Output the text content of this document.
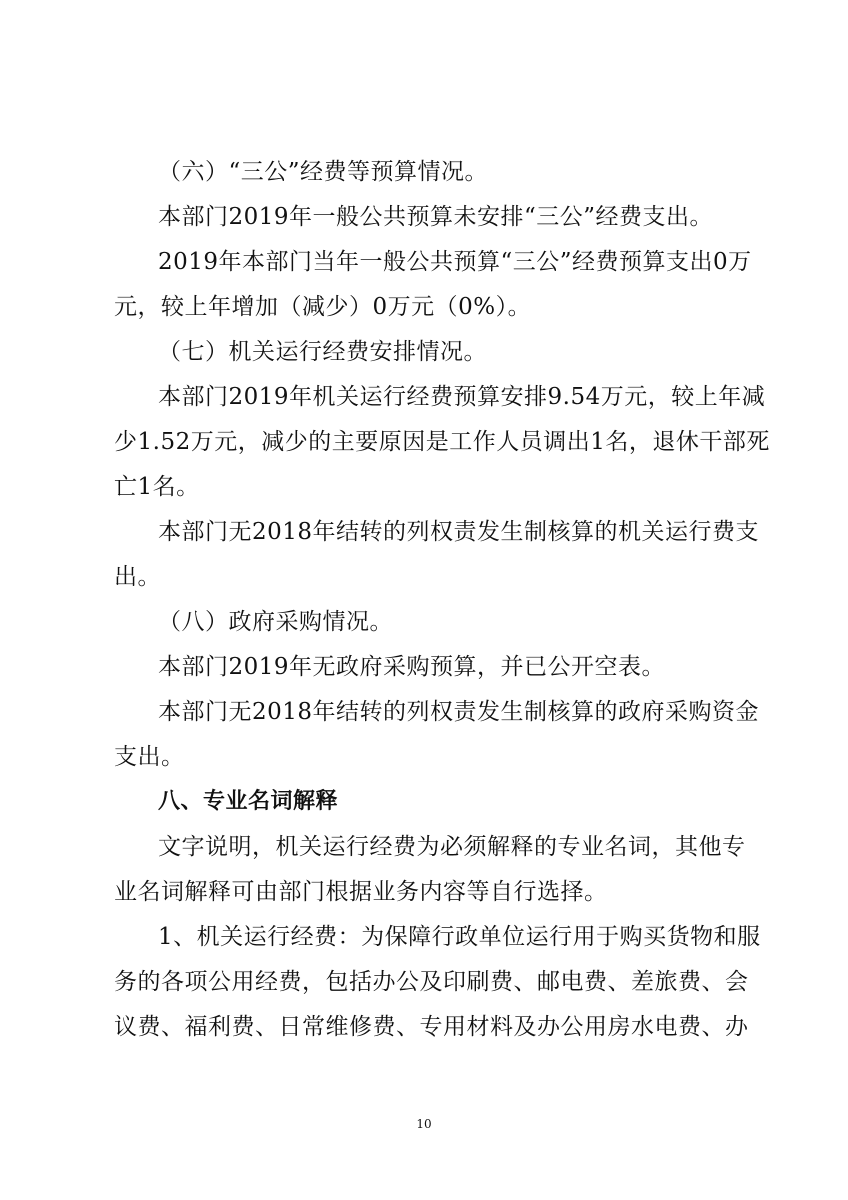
（六）“三公”经费等预算情况。
本部门2019年一般公共预算未安排“三公”经费支出。
2019年本部门当年一般公共预算“三公”经费预算支出0万
元，较上年增加（减少）0万元（0%）。
（七）机关运行经费安排情况。
本部门2019年机关运行经费预算安排9.54万元，较上年减
少1.52万元，减少的主要原因是工作人员调出1名，退休干部死
亡1名。
本部门无2018年结转的列权责发生制核算的机关运行费支
出。
（八）政府采购情况。
本部门2019年无政府采购预算，并已公开空表。
本部门无2018年结转的列权责发生制核算的政府采购资金
支出。
八、专业名词解释
文字说明，机关运行经费为必须解释的专业名词，其他专
业名词解释可由部门根据业务内容等自行选择。
1、机关运行经费：为保障行政单位运行用于购买货物和服
务的各项公用经费，包括办公及印刷费、邮电费、差旅费、会
议费、福利费、日常维修费、专用材料及办公用房水电费、办
10
